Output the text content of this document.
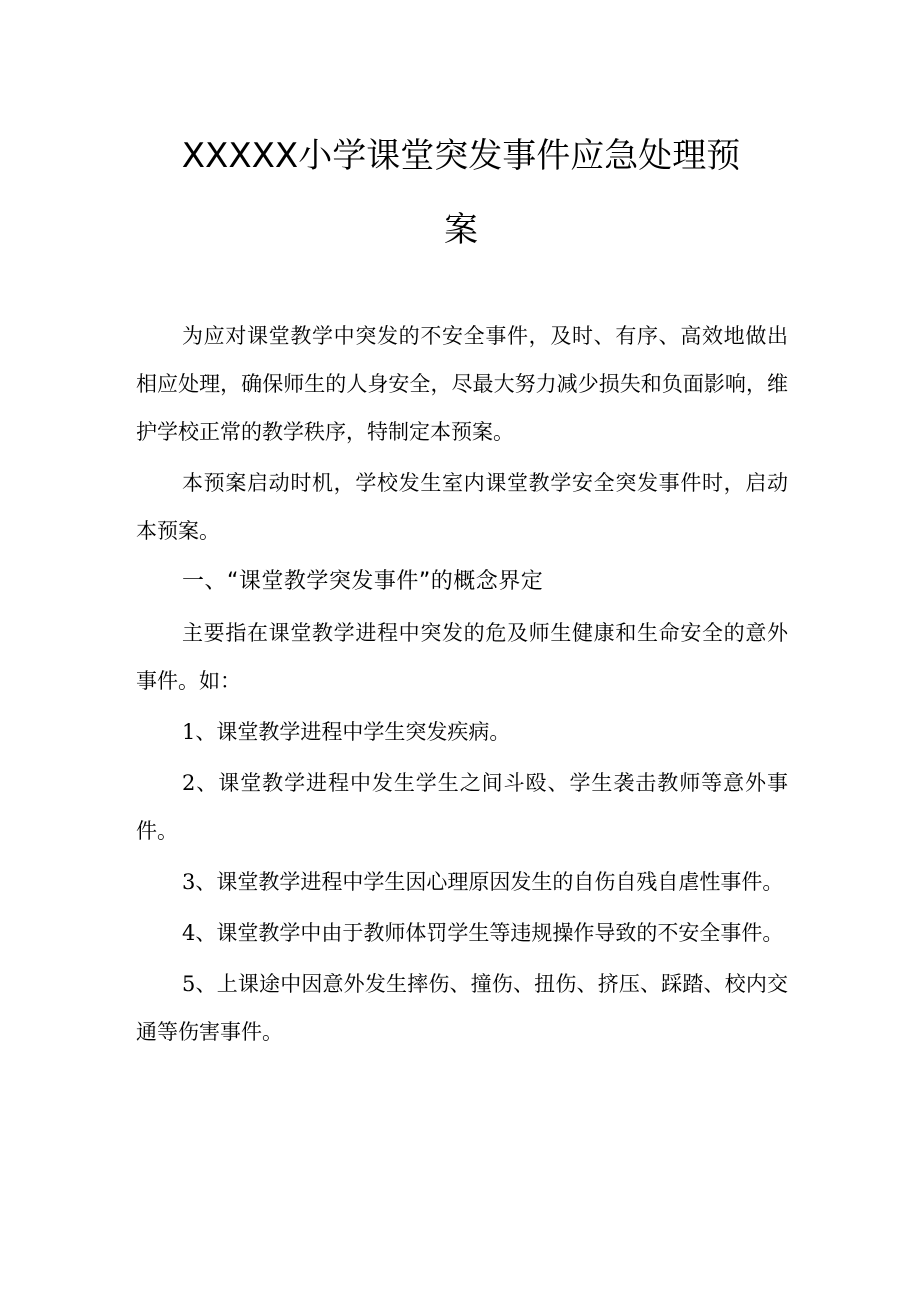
XXXXX小学课堂突发事件应急处理预
案

为应对课堂教学中突发的不安全事件，及时、有序、高效地做出相应处理，确保师生的人身安全，尽最大努力减少损失和负面影响，维护学校正常的教学秩序，特制定本预案。

本预案启动时机，学校发生室内课堂教学安全突发事件时，启动本预案。

一、“课堂教学突发事件”的概念界定

主要指在课堂教学进程中突发的危及师生健康和生命安全的意外事件。如：

1、课堂教学进程中学生突发疾病。

2、课堂教学进程中发生学生之间斗殴、学生袭击教师等意外事件。

3、课堂教学进程中学生因心理原因发生的自伤自残自虐性事件。

4、课堂教学中由于教师体罚学生等违规操作导致的不安全事件。

5、上课途中因意外发生摔伤、撞伤、扭伤、挤压、踩踏、校内交通等伤害事件。
